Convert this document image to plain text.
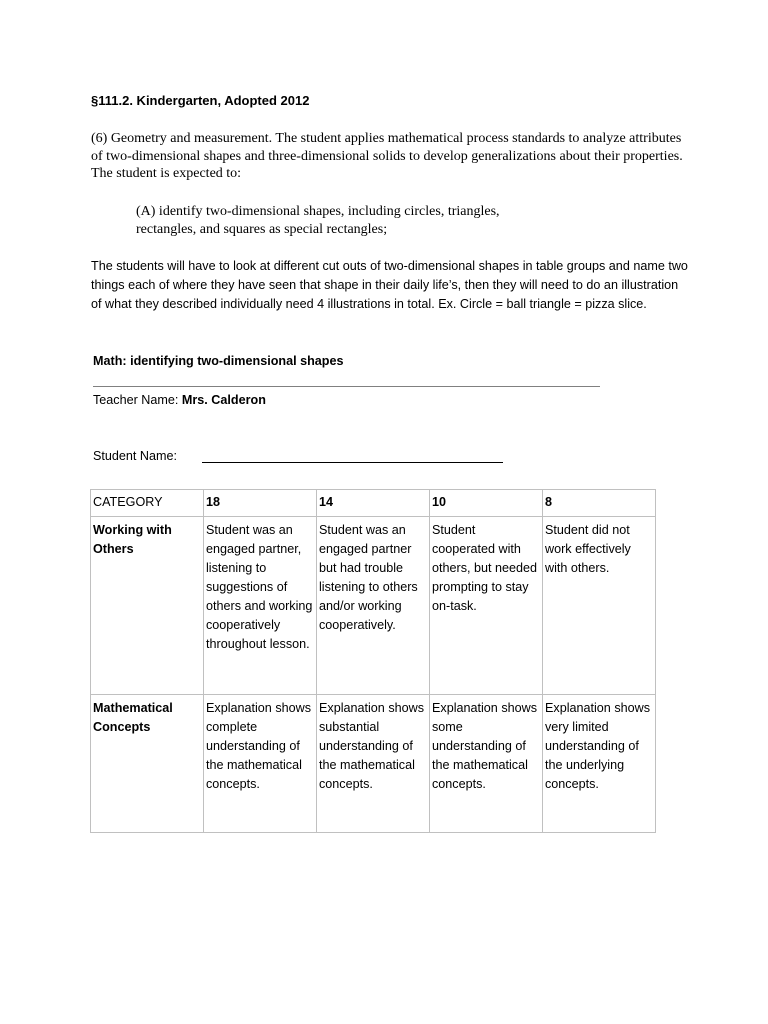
§111.2. Kindergarten, Adopted 2012
(6) Geometry and measurement. The student applies mathematical process standards to analyze attributes of two-dimensional shapes and three-dimensional solids to develop generalizations about their properties. The student is expected to:
(A) identify two-dimensional shapes, including circles, triangles, rectangles, and squares as special rectangles;
The students will have to look at different cut outs of two-dimensional shapes in table groups and name two things each of where they have seen that shape in their daily life’s, then they will need to do an illustration of what they described individually need 4 illustrations in total. Ex. Circle = ball triangle = pizza slice.
Math: identifying two-dimensional shapes
Teacher Name: Mrs. Calderon
Student Name:
CATEGORY	18	14	10	8
Working with Others	Student was an engaged partner, listening to suggestions of others and working cooperatively throughout lesson.	Student was an engaged partner but had trouble listening to others and/or working cooperatively.	Student cooperated with others, but needed prompting to stay on-task.	Student did not work effectively with others.
Mathematical Concepts	Explanation shows complete understanding of the mathematical concepts.	Explanation shows substantial understanding of the mathematical concepts.	Explanation shows some understanding of the mathematical concepts.	Explanation shows very limited understanding of the underlying concepts.
